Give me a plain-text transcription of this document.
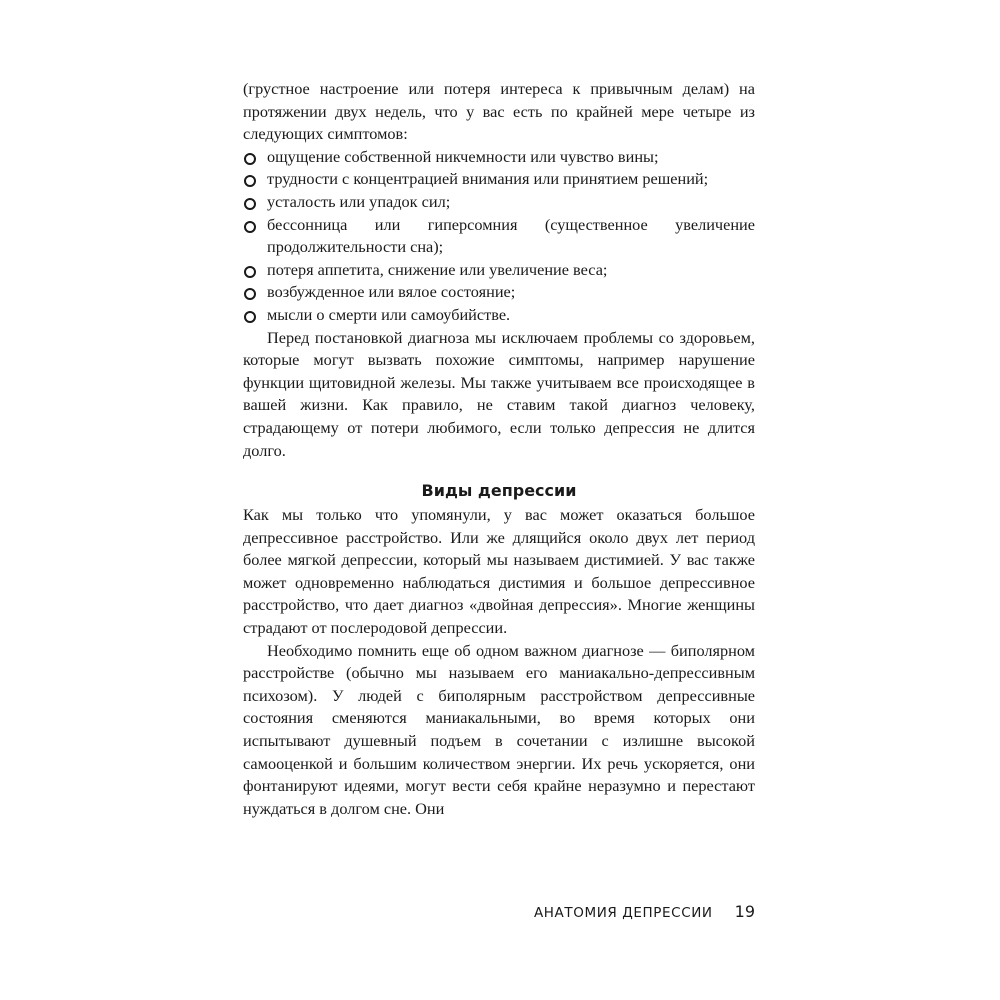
(грустное настроение или потеря интереса к привычным делам) на протяжении двух недель, что у вас есть по крайней мере четыре из следующих симптомов:

ощущение собственной никчемности или чувство вины;
трудности с концентрацией внимания или принятием решений;
усталость или упадок сил;
бессонница или гиперсомния (существенное увеличение продолжительности сна);
потеря аппетита, снижение или увеличение веса;
возбужденное или вялое состояние;
мысли о смерти или самоубийстве.

Перед постановкой диагноза мы исключаем проблемы со здоровьем, которые могут вызвать похожие симптомы, например нарушение функции щитовидной железы. Мы также учитываем все происходящее в вашей жизни. Как правило, не ставим такой диагноз человеку, страдающему от потери любимого, если только депрессия не длится долго.

Виды депрессии

Как мы только что упомянули, у вас может оказаться большое депрессивное расстройство. Или же длящийся около двух лет период более мягкой депрессии, который мы называем дистимией. У вас также может одновременно наблюдаться дистимия и большое депрессивное расстройство, что дает диагноз «двойная депрессия». Многие женщины страдают от послеродовой депрессии.

Необходимо помнить еще об одном важном диагнозе — биполярном расстройстве (обычно мы называем его маниакально-депрессивным психозом). У людей с биполярным расстройством депрессивные состояния сменяются маниакальными, во время которых они испытывают душевный подъем в сочетании с излишне высокой самооценкой и большим количеством энергии. Их речь ускоряется, они фонтанируют идеями, могут вести себя крайне неразумно и перестают нуждаться в долгом сне. Они

АНАТОМИЯ ДЕПРЕССИИ 19
